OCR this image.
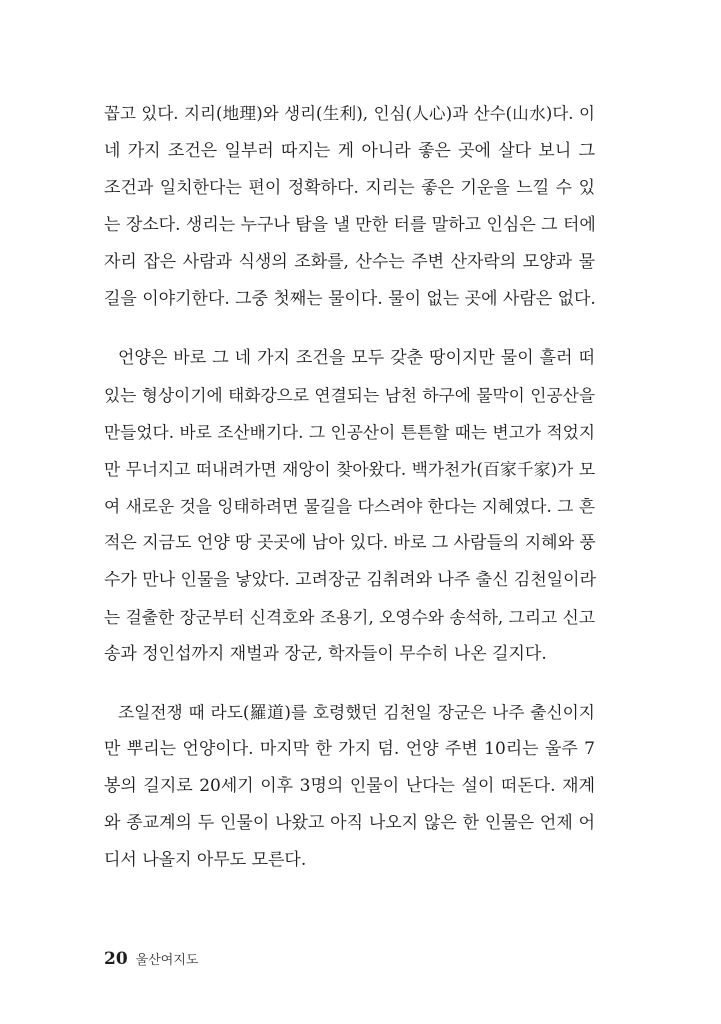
꼽고 있다. 지리(地理)와 생리(生利), 인심(人心)과 산수(山水)다. 이
네 가지 조건은 일부러 따지는 게 아니라 좋은 곳에 살다 보니 그
조건과 일치한다는 편이 정확하다. 지리는 좋은 기운을 느낄 수 있
는 장소다. 생리는 누구나 탐을 낼 만한 터를 말하고 인심은 그 터에
자리 잡은 사람과 식생의 조화를, 산수는 주변 산자락의 모양과 물
길을 이야기한다. 그중 첫째는 물이다. 물이 없는 곳에 사람은 없다.
언양은 바로 그 네 가지 조건을 모두 갖춘 땅이지만 물이 흘러 떠
있는 형상이기에 태화강으로 연결되는 남천 하구에 물막이 인공산을
만들었다. 바로 조산배기다. 그 인공산이 튼튼할 때는 변고가 적었지
만 무너지고 떠내려가면 재앙이 찾아왔다. 백가천가(百家千家)가 모
여 새로운 것을 잉태하려면 물길을 다스려야 한다는 지혜였다. 그 흔
적은 지금도 언양 땅 곳곳에 남아 있다. 바로 그 사람들의 지혜와 풍
수가 만나 인물을 낳았다. 고려장군 김취려와 나주 출신 김천일이라
는 걸출한 장군부터 신격호와 조용기, 오영수와 송석하, 그리고 신고
송과 정인섭까지 재벌과 장군, 학자들이 무수히 나온 길지다.
조일전쟁 때 라도(羅道)를 호령했던 김천일 장군은 나주 출신이지
만 뿌리는 언양이다. 마지막 한 가지 덤. 언양 주변 10리는 울주 7
봉의 길지로 20세기 이후 3명의 인물이 난다는 설이 떠돈다. 재계
와 종교계의 두 인물이 나왔고 아직 나오지 않은 한 인물은 언제 어
디서 나올지 아무도 모른다.
20 울산여지도
